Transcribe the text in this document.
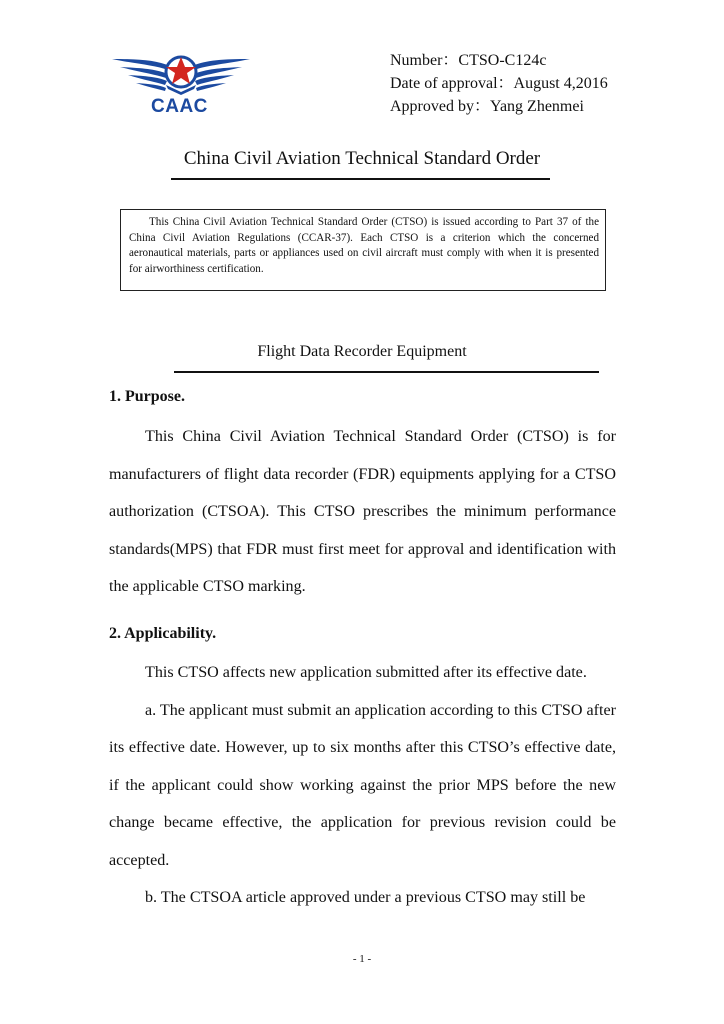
CAAC
Number：CTSO-C124c
Date of approval：August 4,2016
Approved by：Yang Zhenmei
China Civil Aviation Technical Standard Order
This China Civil Aviation Technical Standard Order (CTSO) is issued according to Part 37 of the China Civil Aviation Regulations (CCAR-37). Each CTSO is a criterion which the concerned aeronautical materials, parts or appliances used on civil aircraft must comply with when it is presented for airworthiness certification.
Flight Data Recorder Equipment
1. Purpose.

This China Civil Aviation Technical Standard Order (CTSO) is for manufacturers of flight data recorder (FDR) equipments applying for a CTSO authorization (CTSOA). This CTSO prescribes the minimum performance standards(MPS) that FDR must first meet for approval and identification with the applicable CTSO marking.

2. Applicability.

This CTSO affects new application submitted after its effective date.

a. The applicant must submit an application according to this CTSO after its effective date. However, up to six months after this CTSO’s effective date, if the applicant could show working against the prior MPS before the new change became effective, the application for previous revision could be accepted.

b. The CTSOA article approved under a previous CTSO may still be

- 1 -
